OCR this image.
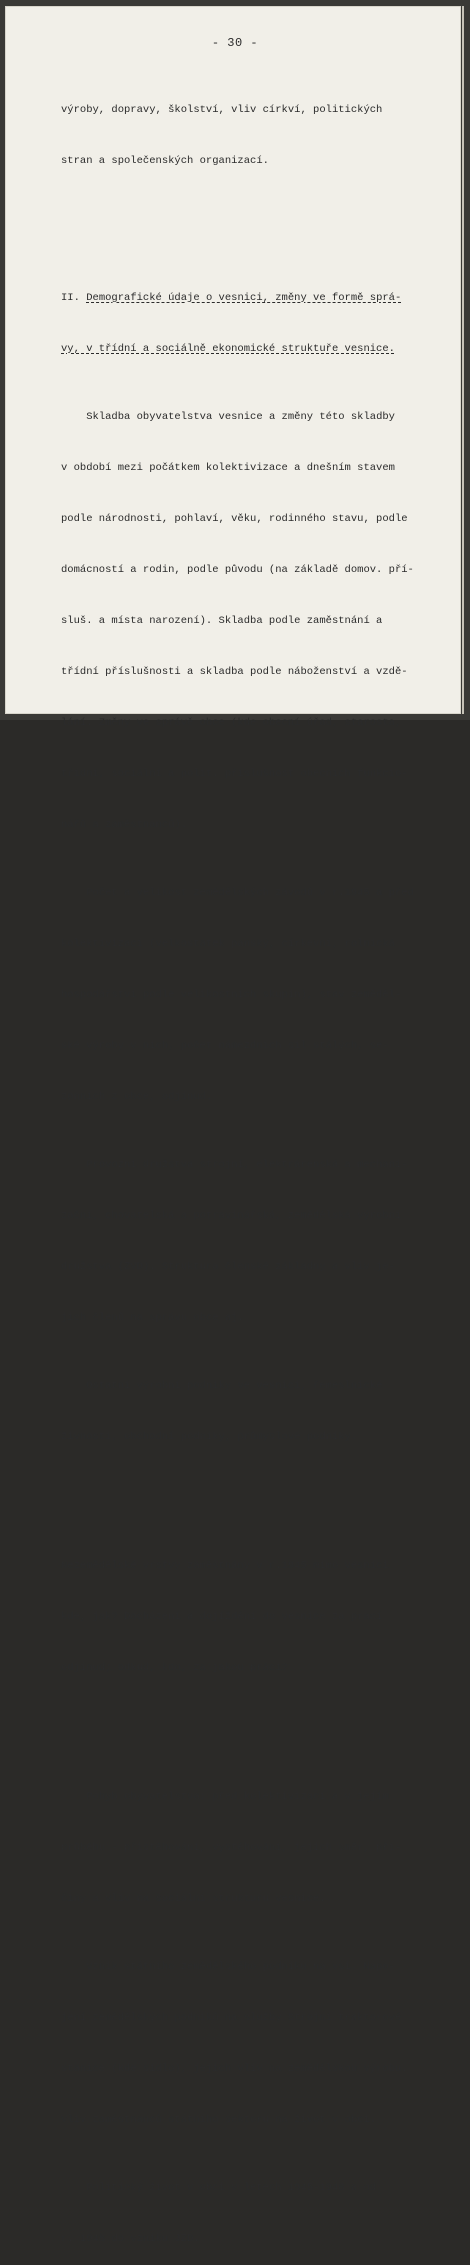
- 30 -

výroby, dopravy, školství, vliv církví, politických

stran a společenských organizací.

II. Demografické údaje o vesnici, změny ve formě sprá-

vy, v třídní a sociálně ekonomické struktuře vesnice.

Skladba obyvatelstva vesnice a změny této skladby

v období mezi počátkem kolektivizace a dnešním stavem

podle národnosti, pohlaví, věku, rodinného stavu, podle

domácností a rodin, podle původu (na základě domov. pří-

sluš. a místa narození). Skladba podle zaměstnání a

třídní příslušnosti a skladba podle náboženství a vzdě-

lání. Změny ve správě obce (kde obecní úřad, starosta,

třídní, sociální a polit. příslušnost obecních funkcio-

nářů a zaměstnanců).

Počet a velikost zemědělských závodů v r.1945 a před

kolektivizací (velkostatek panský, církevní, rolnická

hospodářství podle velikostních skupin), stav zeměděl-

ské výroby v nich, počet námezdních sil stálých, se-

zonních z obce, odjinud.

Provozní družstva strojní, elektrárenská a mechani-

zační, chovatelská a potravinářská, zemědělská výrobní

družstva (ZVD). Struktura členské základny a vliv je-

jich členů na správu obce aj.

Ostatní výrobní podniky ve vesnici, řemeslnické

živnosti, obchodní podniky, průmyslové podniky.

Nezemědělské vrstvy zaměstnány v r.1945 mimo vesnici

kde, jak? Docházení a dojíždění do vesnice za prací

odjinud; odkud, kdo, za jakou práci?

Pohyb obyvatelstva: před kolektivizací a v jejím

průběhu - přistěhování, vystěhování, jejich směr, pří-

činy a vliv na sociální strukturu vesnice.

Vznik státního zemědělského podniku na vsi. Napo-

jení zemědělských podniků na služby Strojní traktorové

stanice (kde sídlo), jejich vliv na zemědělskou výrobu.

Vliv zaměstnanců státního sektoru na život v obci.

Politický život v obci v letech 1945-1948 a od

r. 1948 do vzniku JZD.
